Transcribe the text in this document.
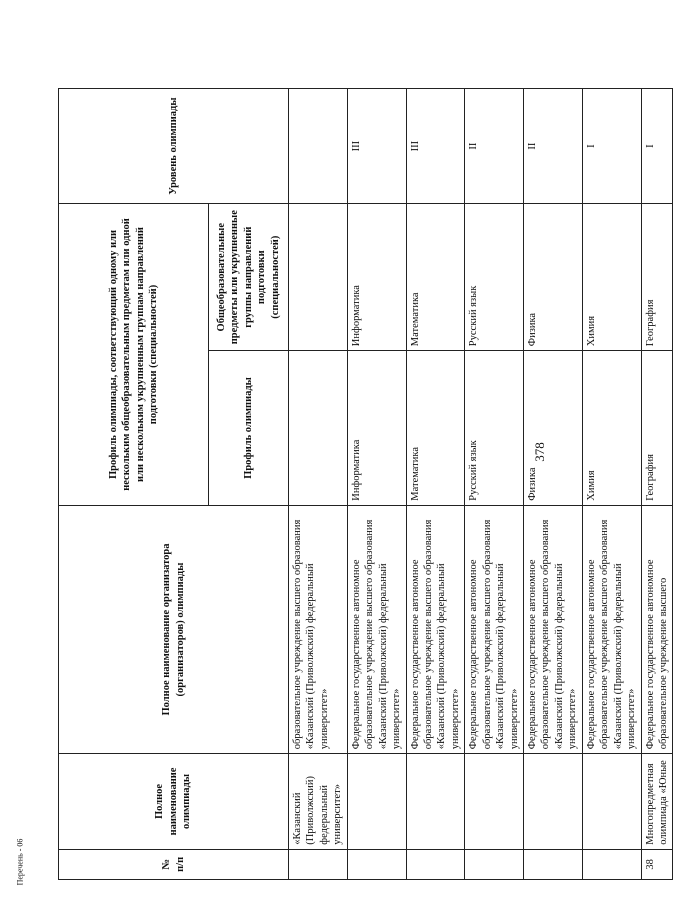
378
№ п/п	Полное наименование олимпиады	Полное наименование организатора (организаторов) олимпиады	Профиль олимпиады, соответствующий одному или нескольким общеобразовательным предметам или одной или нескольким укрупненным группам направлений подготовки (специальностей)		Уровень олимпиады
			Профиль олимпиады	Общеобразовательные предметы или укрупненные группы направлений подготовки (специальностей)	
	«Казанский (Приволжский) федеральный университет»	образовательное учреждение высшего образования «Казанский (Приволжский) федеральный университет»			
		Федеральное государственное автономное образовательное учреждение высшего образования «Казанский (Приволжский) федеральный университет»	Информатика	Информатика	III
		Федеральное государственное автономное образовательное учреждение высшего образования «Казанский (Приволжский) федеральный университет»	Математика	Математика	III
		Федеральное государственное автономное образовательное учреждение высшего образования «Казанский (Приволжский) федеральный университет»	Русский язык	Русский язык	II
		Федеральное государственное автономное образовательное учреждение высшего образования «Казанский (Приволжский) федеральный университет»	Физика	Физика	II
		Федеральное государственное автономное образовательное учреждение высшего образования «Казанский (Приволжский) федеральный университет»	Химия	Химия	I
38	Многопредметная олимпиада «Юные	Федеральное государственное автономное образовательное учреждение высшего	География	География	I
Перечень - 06
